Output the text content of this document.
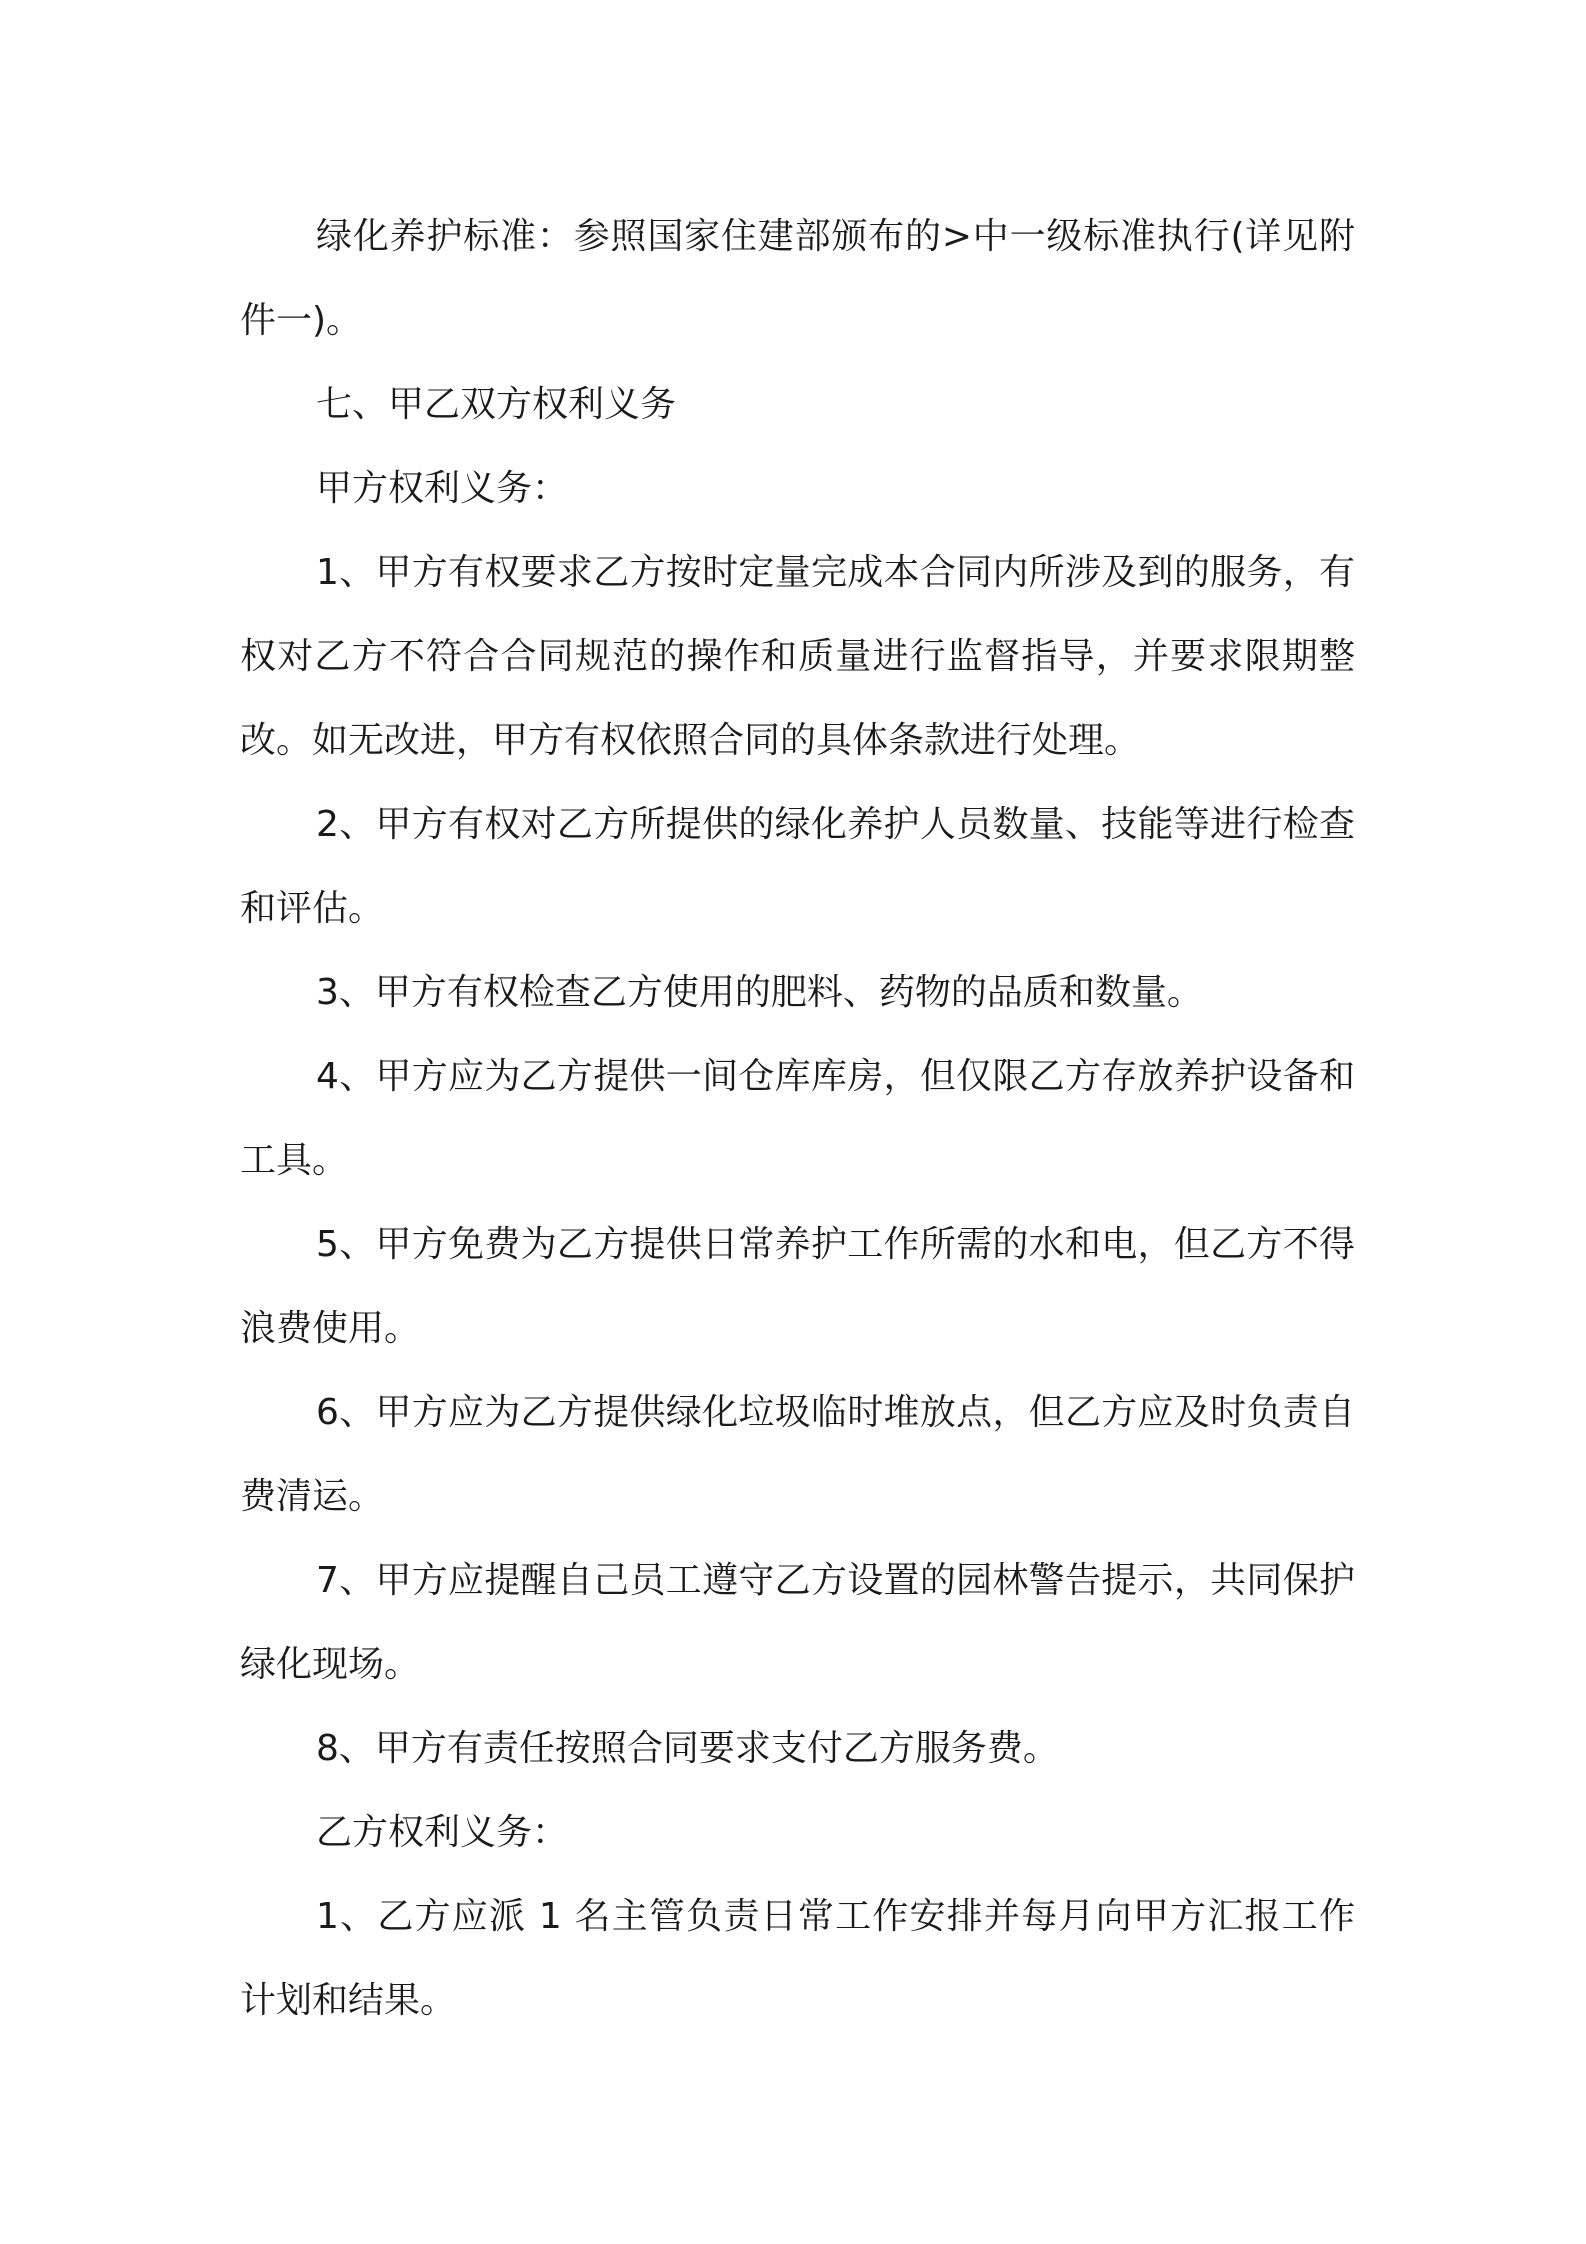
绿化养护标准：参照国家住建部颁布的>中一级标准执行(详见附件一)。

七、甲乙双方权利义务

甲方权利义务：

1、甲方有权要求乙方按时定量完成本合同内所涉及到的服务，有权对乙方不符合合同规范的操作和质量进行监督指导，并要求限期整改。如无改进，甲方有权依照合同的具体条款进行处理。

2、甲方有权对乙方所提供的绿化养护人员数量、技能等进行检查和评估。

3、甲方有权检查乙方使用的肥料、药物的品质和数量。

4、甲方应为乙方提供一间仓库库房，但仅限乙方存放养护设备和工具。

5、甲方免费为乙方提供日常养护工作所需的水和电，但乙方不得浪费使用。

6、甲方应为乙方提供绿化垃圾临时堆放点，但乙方应及时负责自费清运。

7、甲方应提醒自己员工遵守乙方设置的园林警告提示，共同保护绿化现场。

8、甲方有责任按照合同要求支付乙方服务费。

乙方权利义务：

1、乙方应派 1 名主管负责日常工作安排并每月向甲方汇报工作计划和结果。
